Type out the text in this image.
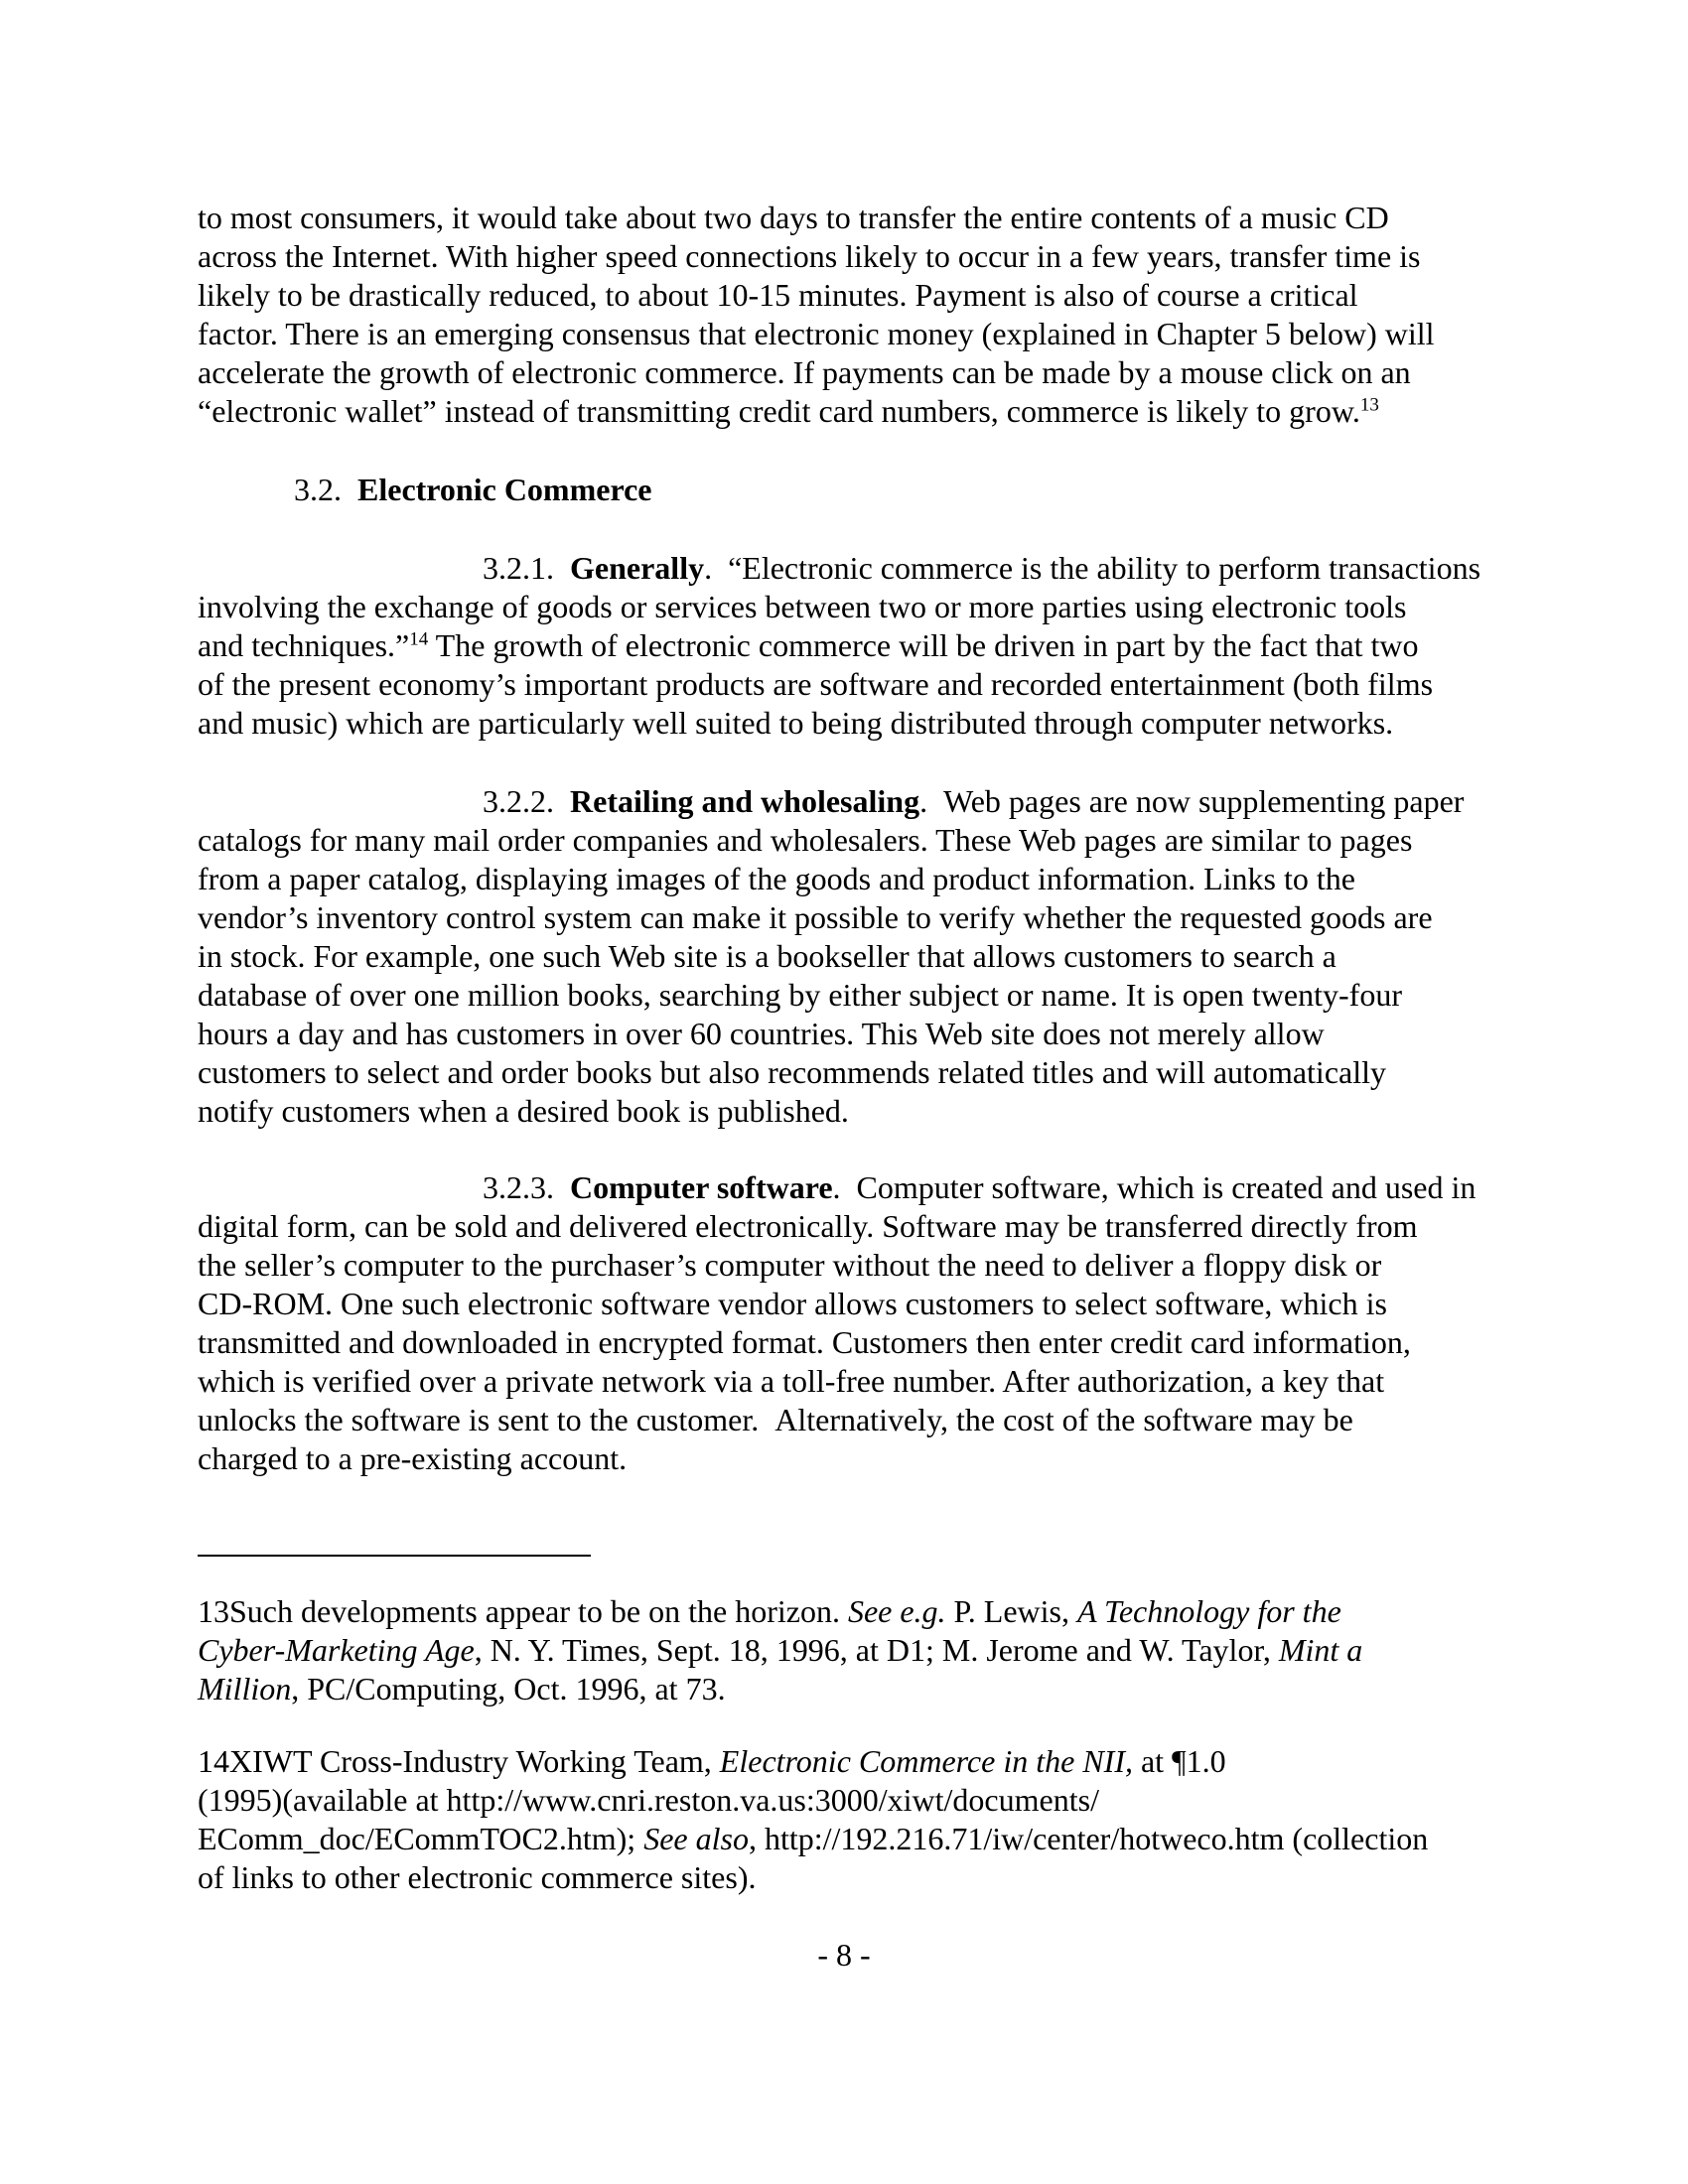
to most consumers, it would take about two days to transfer the entire contents of a music CD
across the Internet. With higher speed connections likely to occur in a few years, transfer time is
likely to be drastically reduced, to about 10-15 minutes. Payment is also of course a critical
factor. There is an emerging consensus that electronic money (explained in Chapter 5 below) will
accelerate the growth of electronic commerce. If payments can be made by a mouse click on an
“electronic wallet” instead of transmitting credit card numbers, commerce is likely to grow.$^{13}$
3.2.  Electronic Commerce
3.2.1.  Generally.  “Electronic commerce is the ability to perform transactions
involving the exchange of goods or services between two or more parties using electronic tools
and techniques.”$^{14}$ The growth of electronic commerce will be driven in part by the fact that two
of the present economy’s important products are software and recorded entertainment (both films
and music) which are particularly well suited to being distributed through computer networks.
3.2.2.  Retailing and wholesaling.  Web pages are now supplementing paper
catalogs for many mail order companies and wholesalers. These Web pages are similar to pages
from a paper catalog, displaying images of the goods and product information. Links to the
vendor’s inventory control system can make it possible to verify whether the requested goods are
in stock. For example, one such Web site is a bookseller that allows customers to search a
database of over one million books, searching by either subject or name. It is open twenty-four
hours a day and has customers in over 60 countries. This Web site does not merely allow
customers to select and order books but also recommends related titles and will automatically
notify customers when a desired book is published.
3.2.3.  Computer software.  Computer software, which is created and used in
digital form, can be sold and delivered electronically. Software may be transferred directly from
the seller’s computer to the purchaser’s computer without the need to deliver a floppy disk or
CD-ROM. One such electronic software vendor allows customers to select software, which is
transmitted and downloaded in encrypted format. Customers then enter credit card information,
which is verified over a private network via a toll-free number. After authorization, a key that
unlocks the software is sent to the customer.  Alternatively, the cost of the software may be
charged to a pre-existing account.
13Such developments appear to be on the horizon. See e.g. P. Lewis, A Technology for the
Cyber-Marketing Age, N. Y. Times, Sept. 18, 1996, at D1; M. Jerome and W. Taylor, Mint a
Million, PC/Computing, Oct. 1996, at 73.
14XIWT Cross-Industry Working Team, Electronic Commerce in the NII, at ¶1.0
(1995)(available at http://www.cnri.reston.va.us:3000/xiwt/documents/
EComm_doc/ECommTOC2.htm); See also, http://192.216.71/iw/center/hotweco.htm (collection
of links to other electronic commerce sites).
- 8 -
